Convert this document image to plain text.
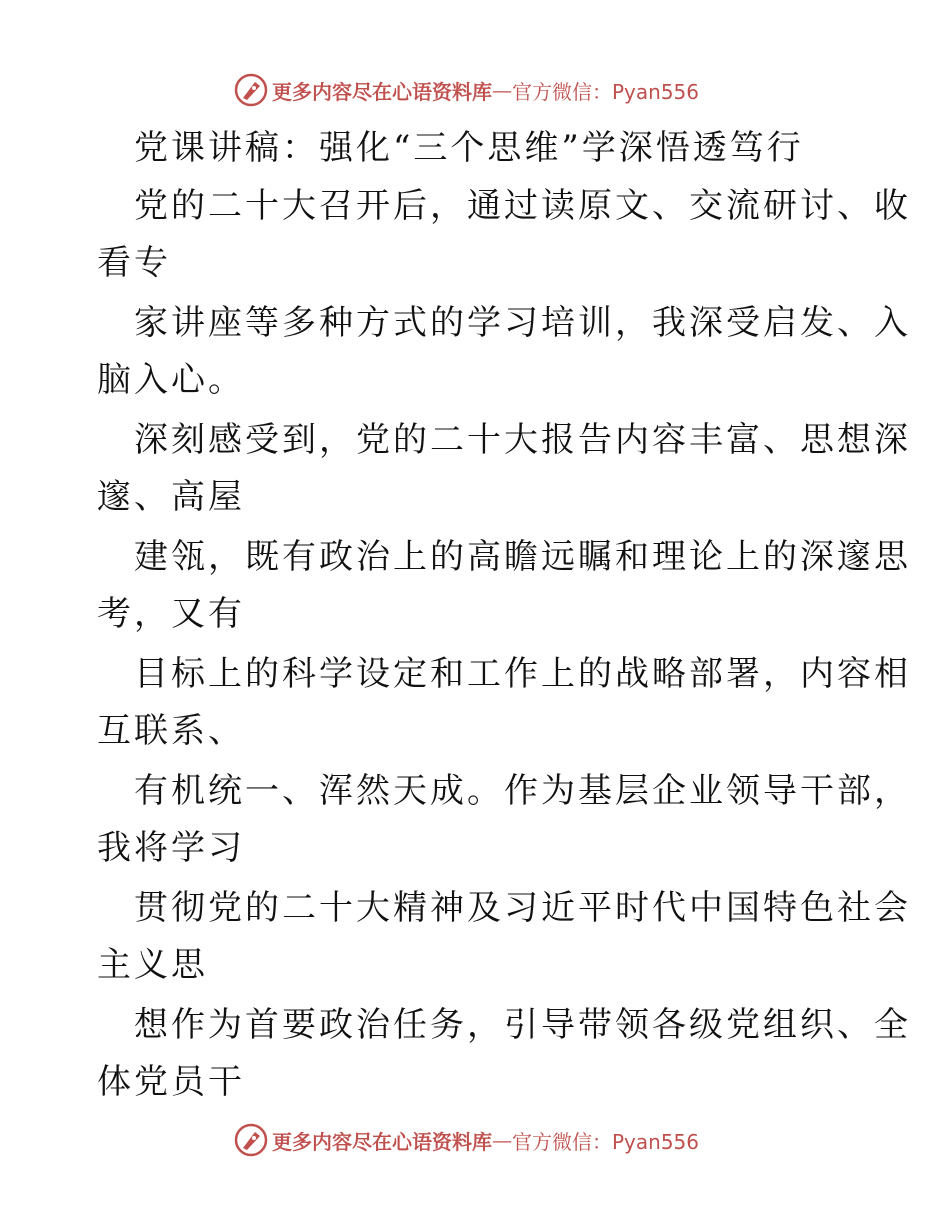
更多内容尽在心语资料库 — 官方微信：Pyan556
党课讲稿：强化“三个思维”学深悟透笃行
党的二十大召开后，通过读原文、交流研讨、收
看专
家讲座等多种方式的学习培训，我深受启发、入
脑入心。
深刻感受到，党的二十大报告内容丰富、思想深
邃、高屋
建瓴，既有政治上的高瞻远瞩和理论上的深邃思
考，又有
目标上的科学设定和工作上的战略部署，内容相
互联系、
有机统一、浑然天成。作为基层企业领导干部，
我将学习
贯彻党的二十大精神及习近平时代中国特色社会
主义思
想作为首要政治任务，引导带领各级党组织、全
体党员干
更多内容尽在心语资料库 — 官方微信：Pyan556
